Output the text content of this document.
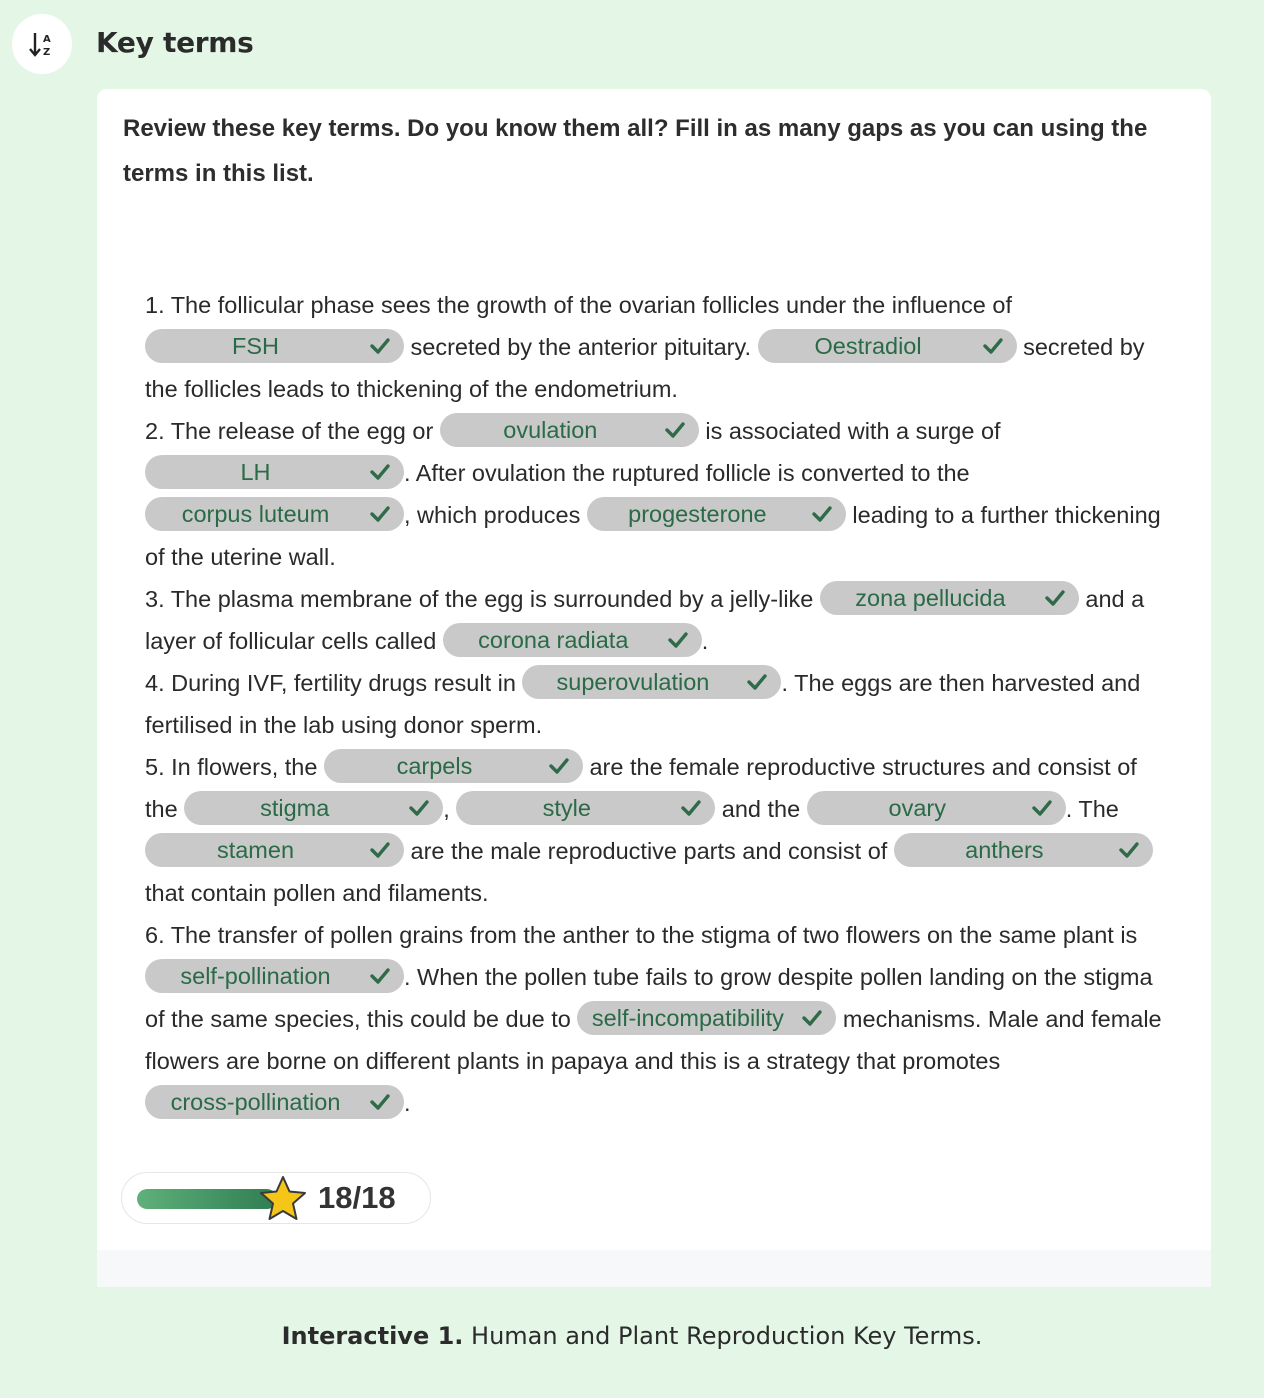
A
Z Key terms
Review these key terms. Do you know them all? Fill in as many gaps as you can using the terms in this list.

1. The follicular phase sees the growth of the ovarian follicles under the influence of FSH	secreted by the anterior pituitary. Oestradiol	secreted by the follicles leads to thickening of the endometrium.

2. The release of the egg or	ovulation	is associated with a surge of LH	. After ovulation the ruptured follicle is converted to the corpus luteum	, which produces progesterone	leading to a further thickening of the uterine wall.

3. The plasma membrane of the egg is surrounded by a jelly-like zona pellucida	and a layer of follicular cells called corona radiata	.

4. During IVF, fertility drugs result in superovulation	. The eggs are then harvested and fertilised in the lab using donor sperm.

5. In flowers, the	carpels	are the female reproductive structures and consist of the	stigma	,	style	and the	ovary	. The stamen	are the male reproductive parts and consist of	anthers
that contain pollen and filaments.

6. The transfer of pollen grains from the anther to the stigma of two flowers on the same plant is self-pollination	. When the pollen tube fails to grow despite pollen landing on the stigma of the same species, this could be due to self-incompatibility
mechanisms. Male and female flowers are borne on different plants in papaya and this is a strategy that promotes cross-pollination	.

18/18
Interactive 1. Human and Plant Reproduction Key Terms.
